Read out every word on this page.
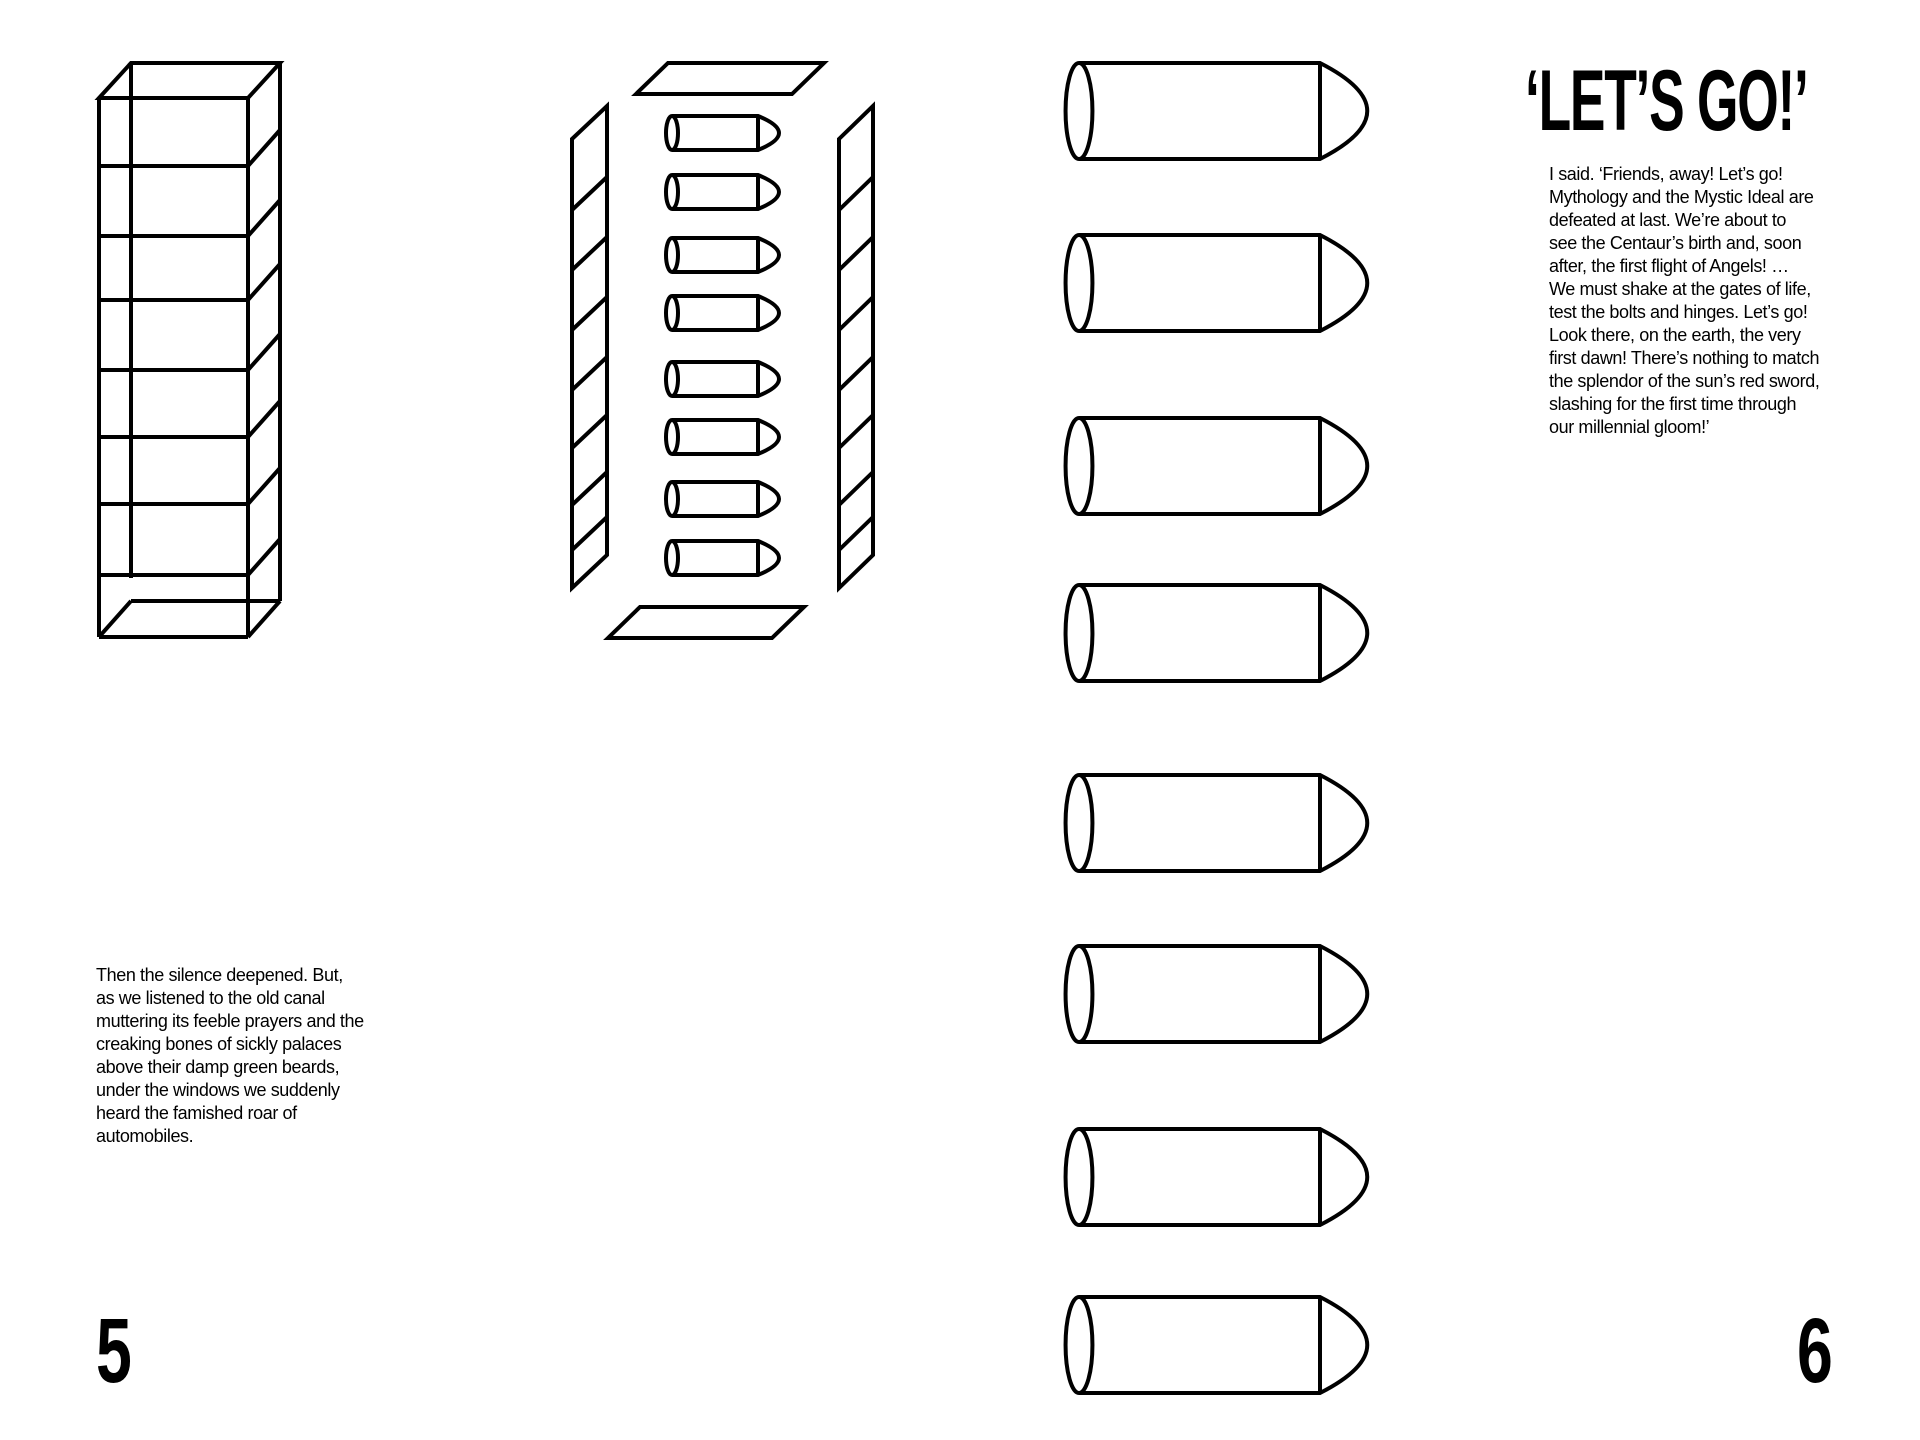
‘LET’S GO!’

I said. ‘Friends, away! Let’s go!
Mythology and the Mystic Ideal are
defeated at last. We’re about to
see the Centaur’s birth and, soon
after, the first flight of Angels! …
We must shake at the gates of life,
test the bolts and hinges. Let’s go!
Look there, on the earth, the very
first dawn! There’s nothing to match
the splendor of the sun’s red sword,
slashing for the first time through
our millennial gloom!’

Then the silence deepened. But,
as we listened to the old canal
muttering its feeble prayers and the
creaking bones of sickly palaces
above their damp green beards,
under the windows we suddenly
heard the famished roar of
automobiles.

5	6
